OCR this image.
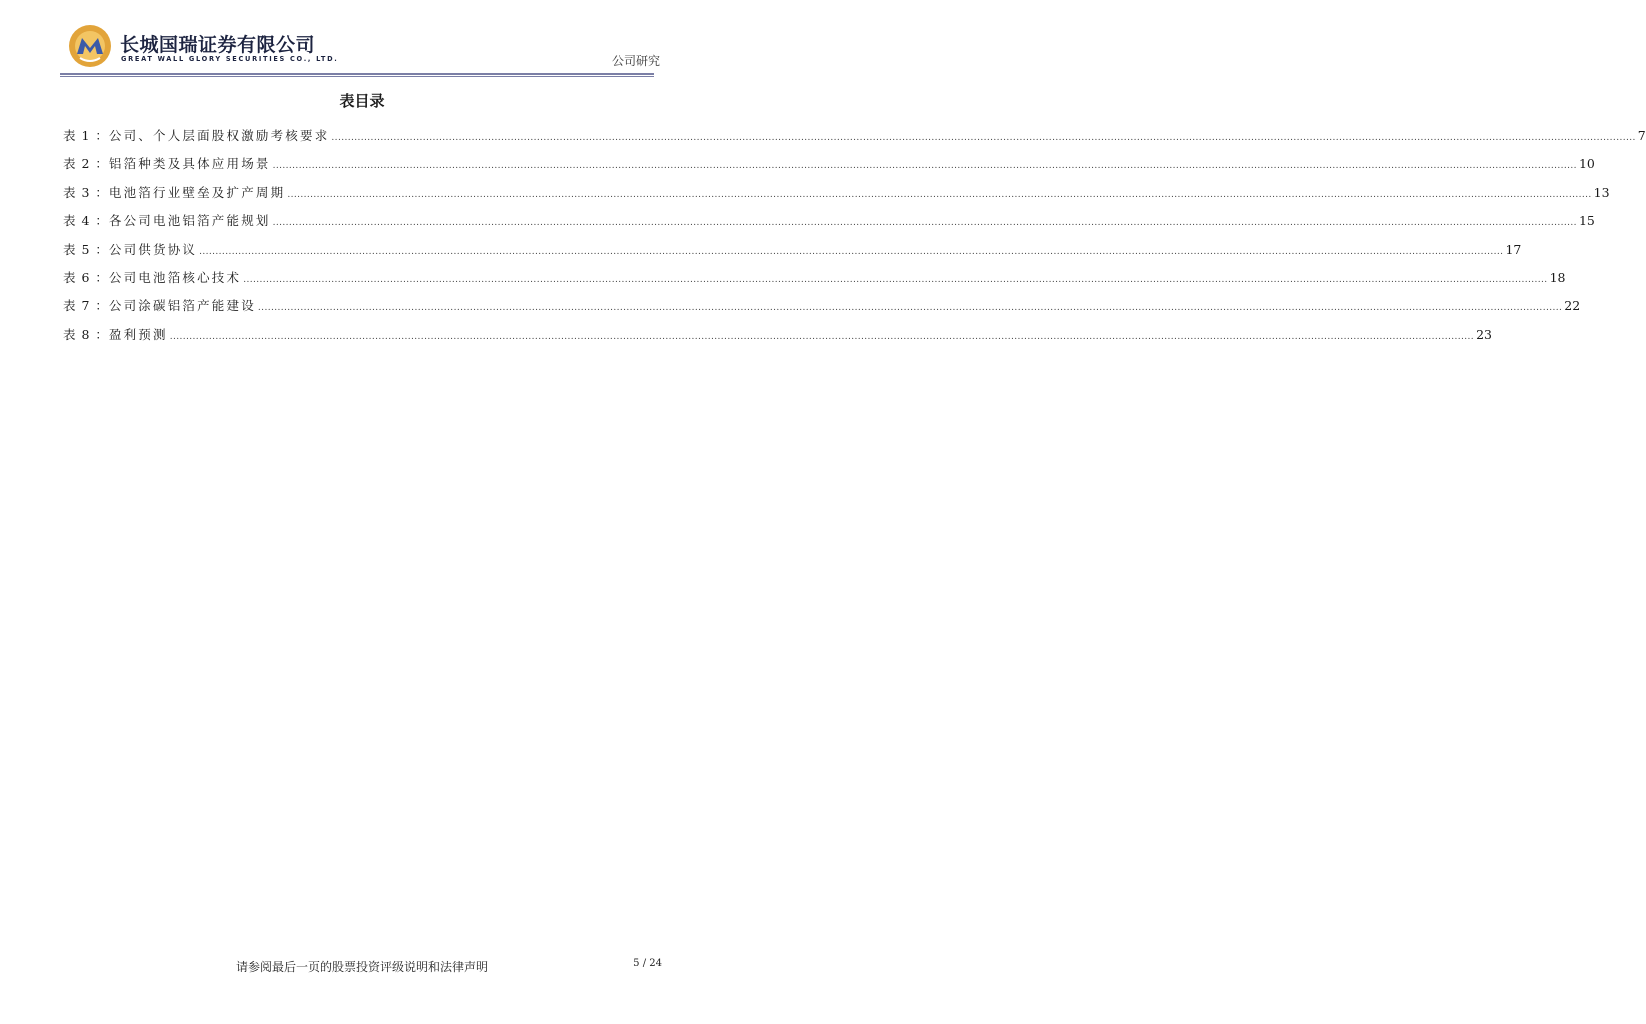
长城国瑞证券有限公司
GREAT WALL GLORY SECURITIES CO., LTD.	公司研究
表目录
表 1 ： 公司、个人层面股权激励考核要求 ................................................................................................................................................................................................................................................................................................................................................................................................................ 7
表 2 ： 铝箔种类及具体应用场景 ................................................................................................................................................................................................................................................................................................................................................................................................................ 10
表 3 ： 电池箔行业壁垒及扩产周期 ................................................................................................................................................................................................................................................................................................................................................................................................................ 13
表 4 ： 各公司电池铝箔产能规划 ................................................................................................................................................................................................................................................................................................................................................................................................................ 15
表 5 ： 公司供货协议 ................................................................................................................................................................................................................................................................................................................................................................................................................ 17
表 6 ： 公司电池箔核心技术 ................................................................................................................................................................................................................................................................................................................................................................................................................ 18
表 7 ： 公司涂碳铝箔产能建设 ................................................................................................................................................................................................................................................................................................................................................................................................................ 22
表 8 ： 盈利预测 ................................................................................................................................................................................................................................................................................................................................................................................................................ 23
请参阅最后一页的股票投资评级说明和法律声明	5 / 24
